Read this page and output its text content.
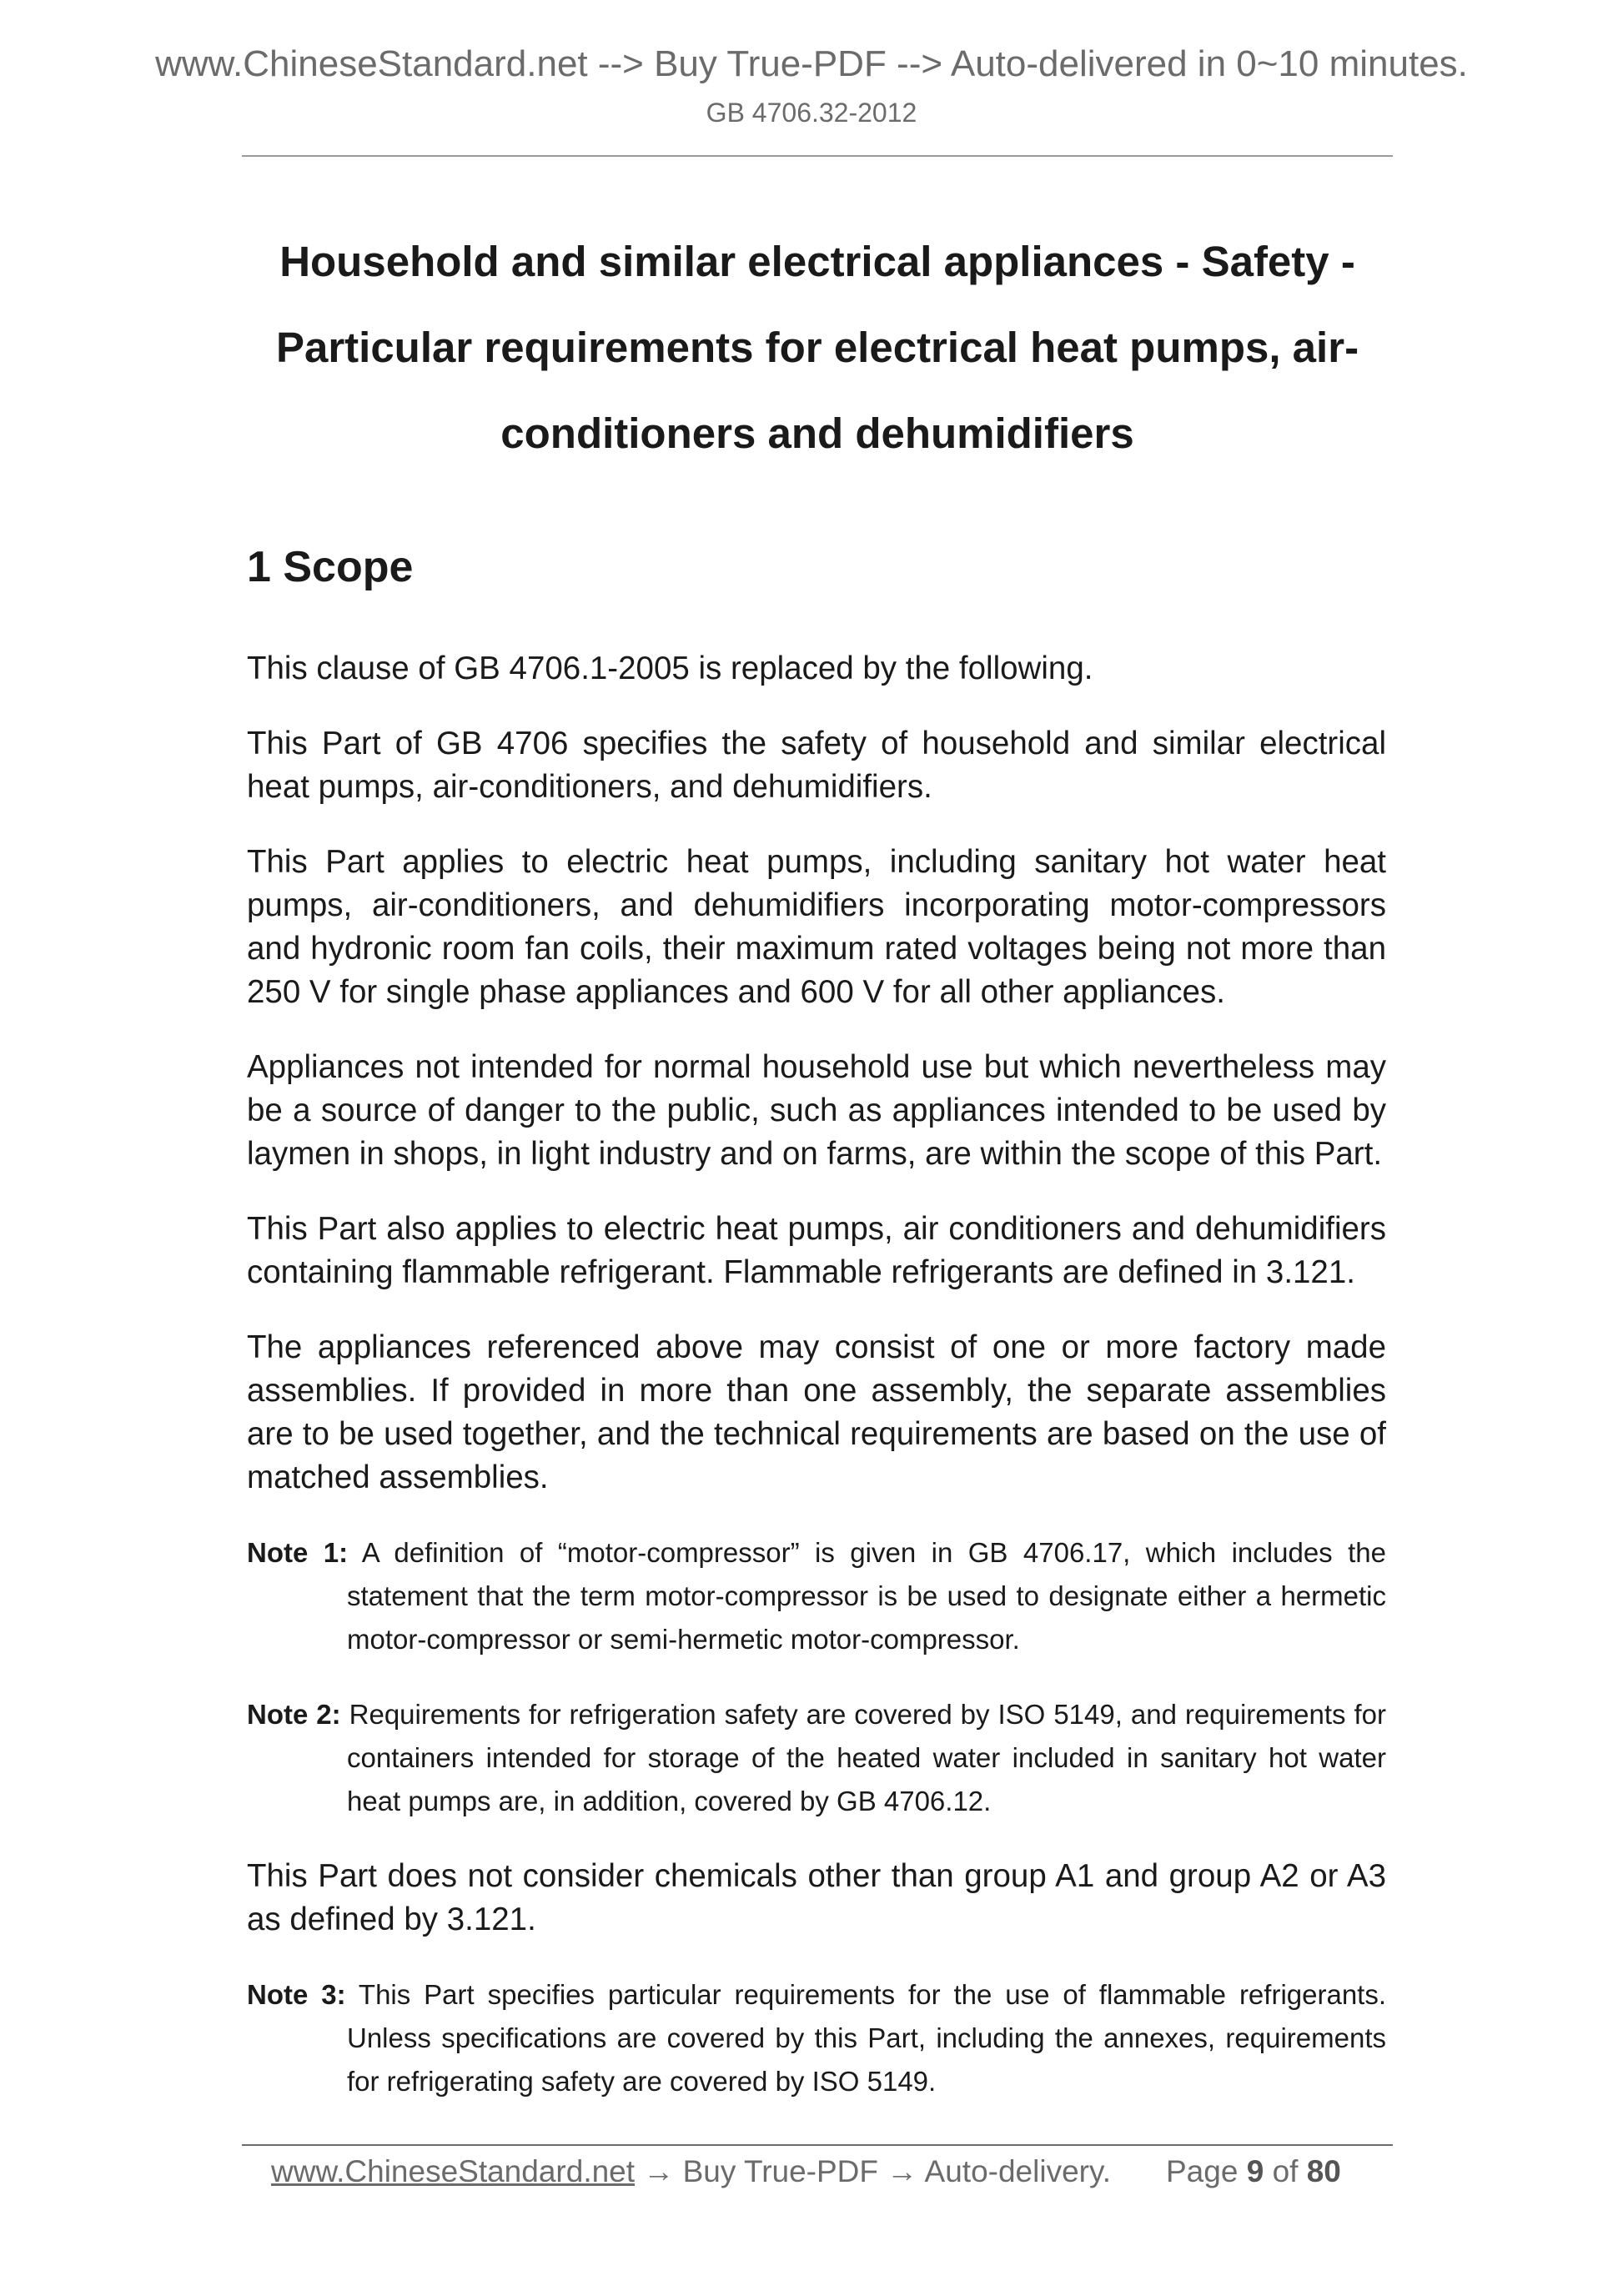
www.ChineseStandard.net --> Buy True-PDF --> Auto-delivered in 0~10 minutes.
GB 4706.32-2012
Household and similar electrical appliances - Safety -
Particular requirements for electrical heat pumps, air-
conditioners and dehumidifiers
1 Scope

This clause of GB 4706.1-2005 is replaced by the following.

This Part of GB 4706 specifies the safety of household and similar electrical heat pumps, air-conditioners, and dehumidifiers.

This Part applies to electric heat pumps, including sanitary hot water heat pumps, air-conditioners, and dehumidifiers incorporating motor-compressors and hydronic room fan coils, their maximum rated voltages being not more than 250 V for single phase appliances and 600 V for all other appliances.

Appliances not intended for normal household use but which nevertheless may be a source of danger to the public, such as appliances intended to be used by laymen in shops, in light industry and on farms, are within the scope of this Part.

This Part also applies to electric heat pumps, air conditioners and dehumidifiers containing flammable refrigerant. Flammable refrigerants are defined in 3.121.

The appliances referenced above may consist of one or more factory made assemblies. If provided in more than one assembly, the separate assemblies are to be used together, and the technical requirements are based on the use of matched assemblies.

Note 1: A definition of “motor-compressor” is given in GB 4706.17, which includes the statement that the term motor-compressor is be used to designate either a hermetic motor-compressor or semi-hermetic motor-compressor.

Note 2: Requirements for refrigeration safety are covered by ISO 5149, and requirements for containers intended for storage of the heated water included in sanitary hot water heat pumps are, in addition, covered by GB 4706.12.

This Part does not consider chemicals other than group A1 and group A2 or A3 as defined by 3.121.

Note 3: This Part specifies particular requirements for the use of flammable refrigerants. Unless specifications are covered by this Part, including the annexes, requirements for refrigerating safety are covered by ISO 5149.

www.ChineseStandard.net → Buy True-PDF → Auto-delivery. Page 9 of 80
